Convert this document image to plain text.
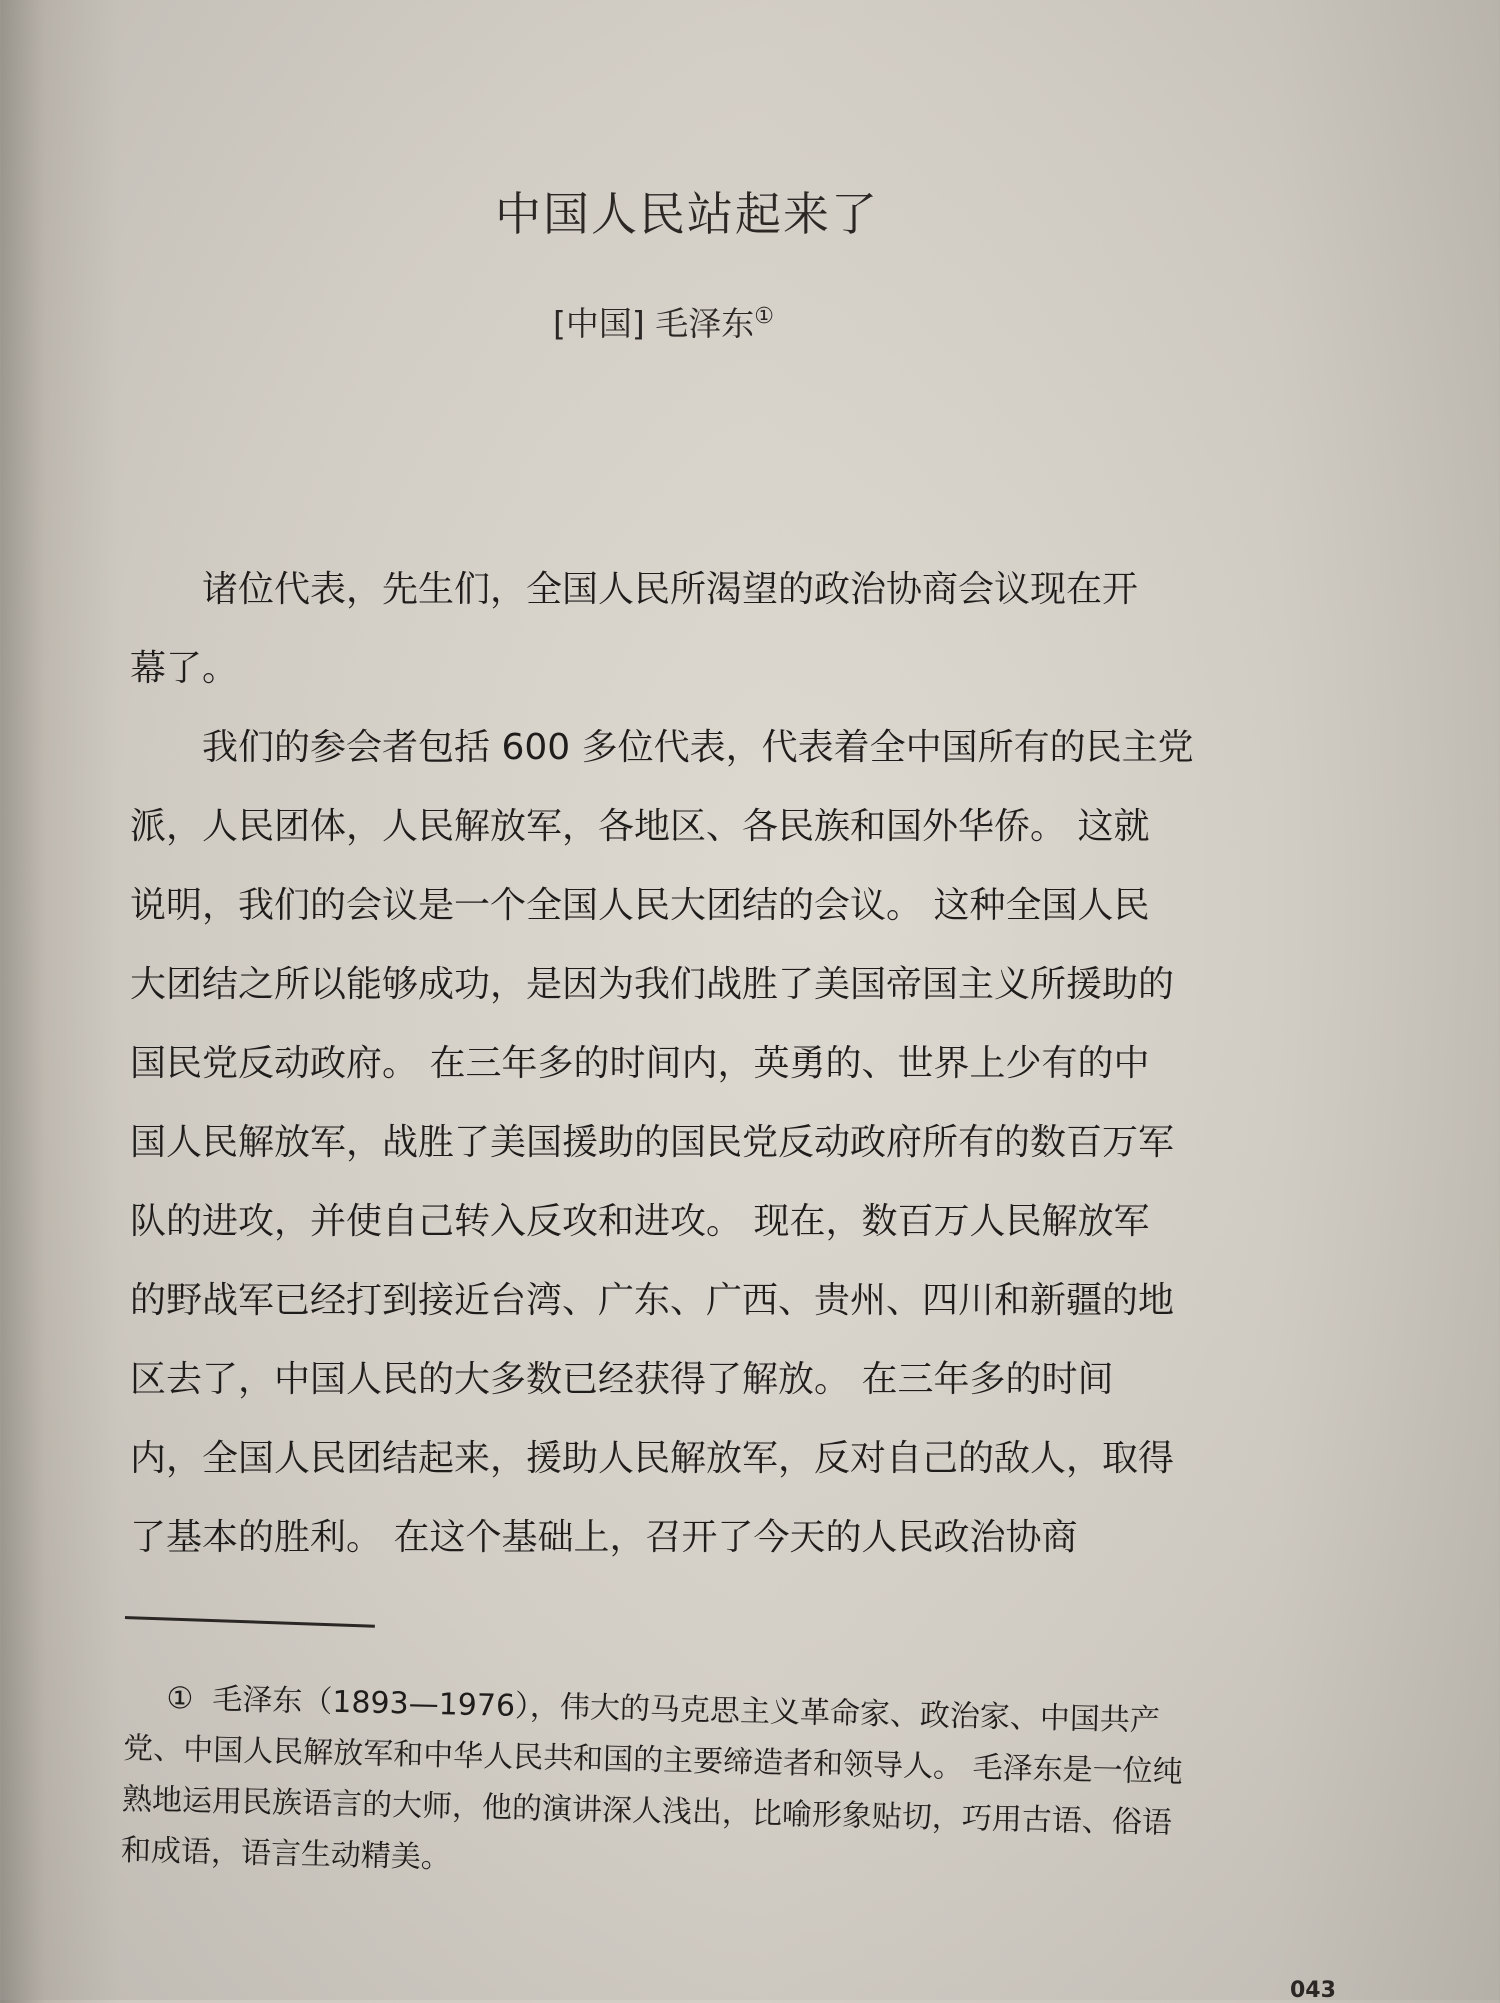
中国人民站起来了
[中国] 毛泽东①
诸位代表，先生们，全国人民所渴望的政治协商会议现在开
幕了。
我们的参会者包括 600 多位代表，代表着全中国所有的民主党
派，人民团体，人民解放军，各地区、各民族和国外华侨。 这就
说明，我们的会议是一个全国人民大团结的会议。 这种全国人民
大团结之所以能够成功，是因为我们战胜了美国帝国主义所援助的
国民党反动政府。 在三年多的时间内，英勇的、世界上少有的中
国人民解放军，战胜了美国援助的国民党反动政府所有的数百万军
队的进攻，并使自己转入反攻和进攻。 现在，数百万人民解放军
的野战军已经打到接近台湾、广东、广西、贵州、四川和新疆的地
区去了，中国人民的大多数已经获得了解放。 在三年多的时间
内，全国人民团结起来，援助人民解放军，反对自己的敌人，取得
了基本的胜利。 在这个基础上，召开了今天的人民政治协商
① 毛泽东（1893—1976），伟大的马克思主义革命家、政治家、中国共产
党、中国人民解放军和中华人民共和国的主要缔造者和领导人。 毛泽东是一位纯
熟地运用民族语言的大师，他的演讲深人浅出，比喻形象贴切，巧用古语、俗语
和成语，语言生动精美。
043
